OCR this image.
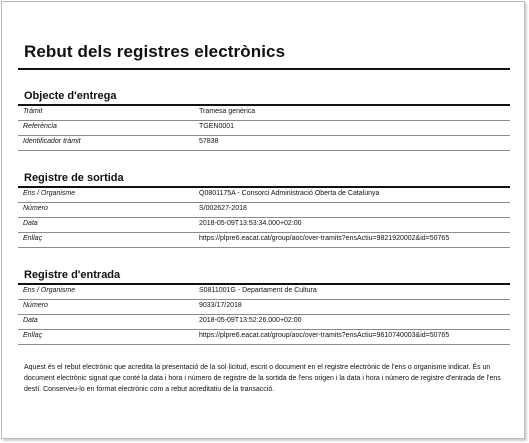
Rebut dels registres electrònics
Objecte d'entrega
Tràmit	Tramesa genèrica
Referència	TGEN0001
Identificador tràmit	57838
Registre de sortida
Ens / Organisme	Q0801175A - Consorci Administració Oberta de Catalunya
Número	S/002627-2018
Data	2018-05-09T13:53:34.000+02:00
Enllaç	https://plpre6.eacat.cat/group/aoc/over-tramits?ensActiu=9821920002&id=50765
Registre d'entrada
Ens / Organisme	S0811001G - Departament de Cultura
Número	9033/17/2018
Data	2018-05-09T13:52:26.000+02:00
Enllaç	https://plpre6.eacat.cat/group/aoc/over-tramits?ensActiu=9610740003&id=50765
Aquest és el rebut electrònic que acredita la presentació de la sol·licitud, escrit o document en el registre electrònic de l'ens o organisme indicat. És un document electrònic signat que conté la data i hora i número de registre de la sortida de l'ens origen i la data i hora i número de registre d'entrada de l'ens destí. Conserveu-lo en format electrònic com a rebut acreditatiu de la transacció.
